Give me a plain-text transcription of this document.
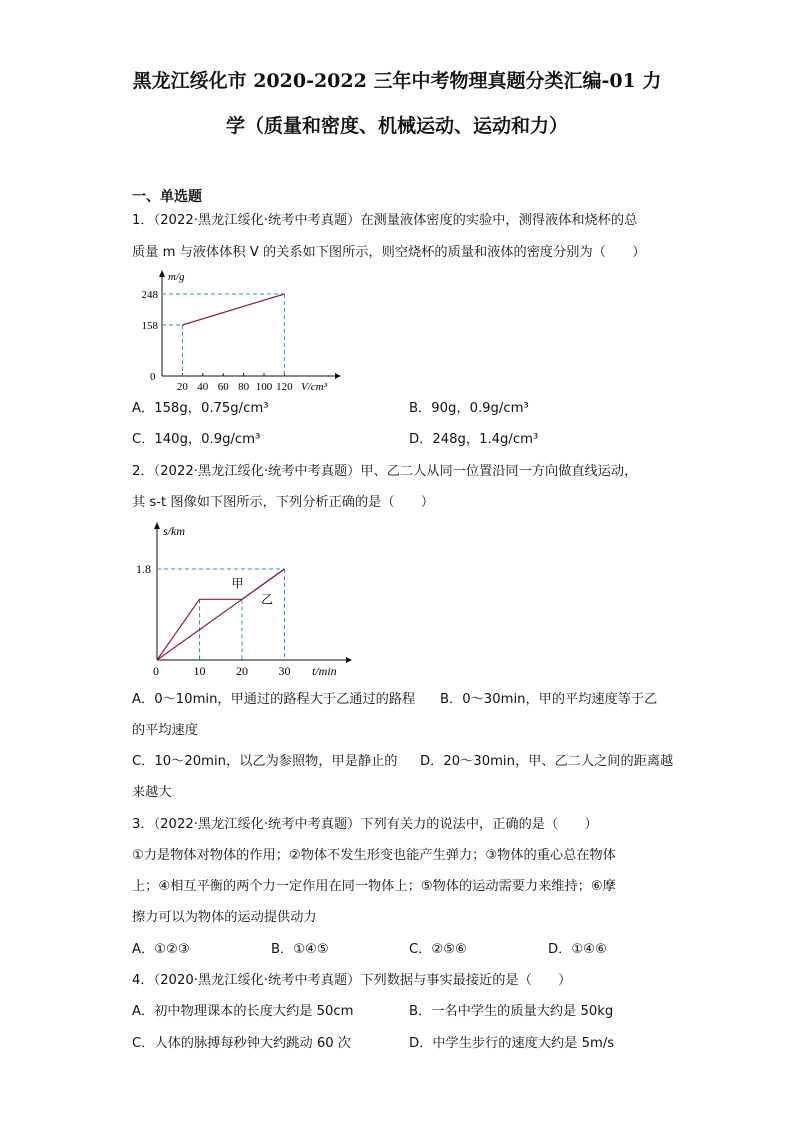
黑龙江绥化市 2020-2022 三年中考物理真题分类汇编-01 力
学（质量和密度、机械运动、运动和力）
一、单选题
1．（2022·黑龙江绥化·统考中考真题）在测量液体密度的实验中，测得液体和烧杯的总
质量 m 与液体体积 V 的关系如下图所示，则空烧杯的质量和液体的密度分别为（　　）
m/g
0
158
248
20 40 60 80 100 120 V/cm³
A．158g，0.75g/cm³	B．90g，0.9g/cm³
C．140g，0.9g/cm³	D．248g，1.4g/cm³
2．（2022·黑龙江绥化·统考中考真题）甲、乙二人从同一位置沿同一方向做直线运动，
其 s-t 图像如下图所示，下列分析正确的是（　　）
s/km
0
1.8
10	20	30 t/min
甲
乙
A．0～10min，甲通过的路程大于乙通过的路程 B．0～30min，甲的平均速度等于乙
的平均速度
C．10～20min，以乙为参照物，甲是静止的 D．20～30min，甲、乙二人之间的距离越
来越大
3．（2022·黑龙江绥化·统考中考真题）下列有关力的说法中，正确的是（　　）
①力是物体对物体的作用；②物体不发生形变也能产生弹力；③物体的重心总在物体
上；④相互平衡的两个力一定作用在同一物体上；⑤物体的运动需要力来维持；⑥摩
擦力可以为物体的运动提供动力
A．①②③	B．①④⑤	C．②⑤⑥	D．①④⑥
4．（2020·黑龙江绥化·统考中考真题）下列数据与事实最接近的是（　　）
A．初中物理课本的长度大约是 50cm	B．一名中学生的质量大约是 50kg
C．人体的脉搏每秒钟大约跳动 60 次	D．中学生步行的速度大约是 5m/s
